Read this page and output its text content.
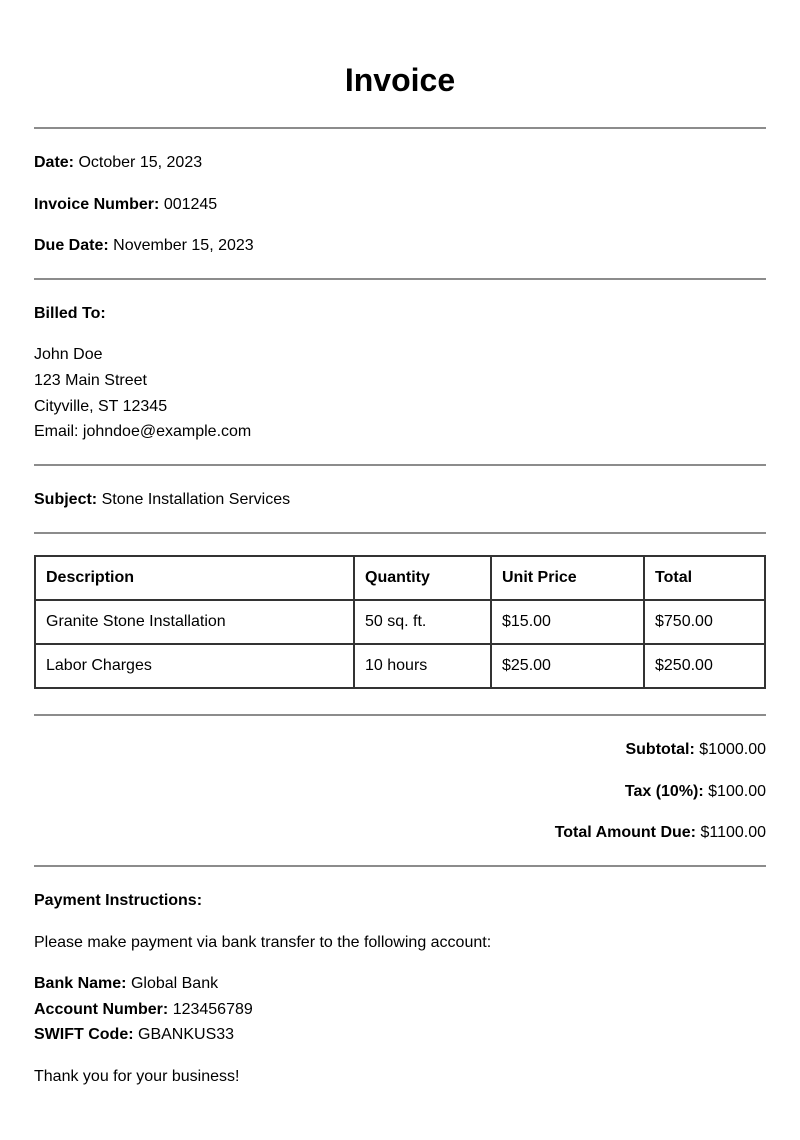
Invoice
Date: October 15, 2023
Invoice Number: 001245
Due Date: November 15, 2023
Billed To:
John Doe
123 Main Street
Cityville, ST 12345
Email: johndoe@example.com
Subject: Stone Installation Services
Description	Quantity	Unit Price	Total
Granite Stone Installation	50 sq. ft.	$15.00	$750.00
Labor Charges	10 hours	$25.00	$250.00
Subtotal: $1000.00
Tax (10%): $100.00
Total Amount Due: $1100.00
Payment Instructions:
Please make payment via bank transfer to the following account:
Bank Name: Global Bank
Account Number: 123456789
SWIFT Code: GBANKUS33
Thank you for your business!
